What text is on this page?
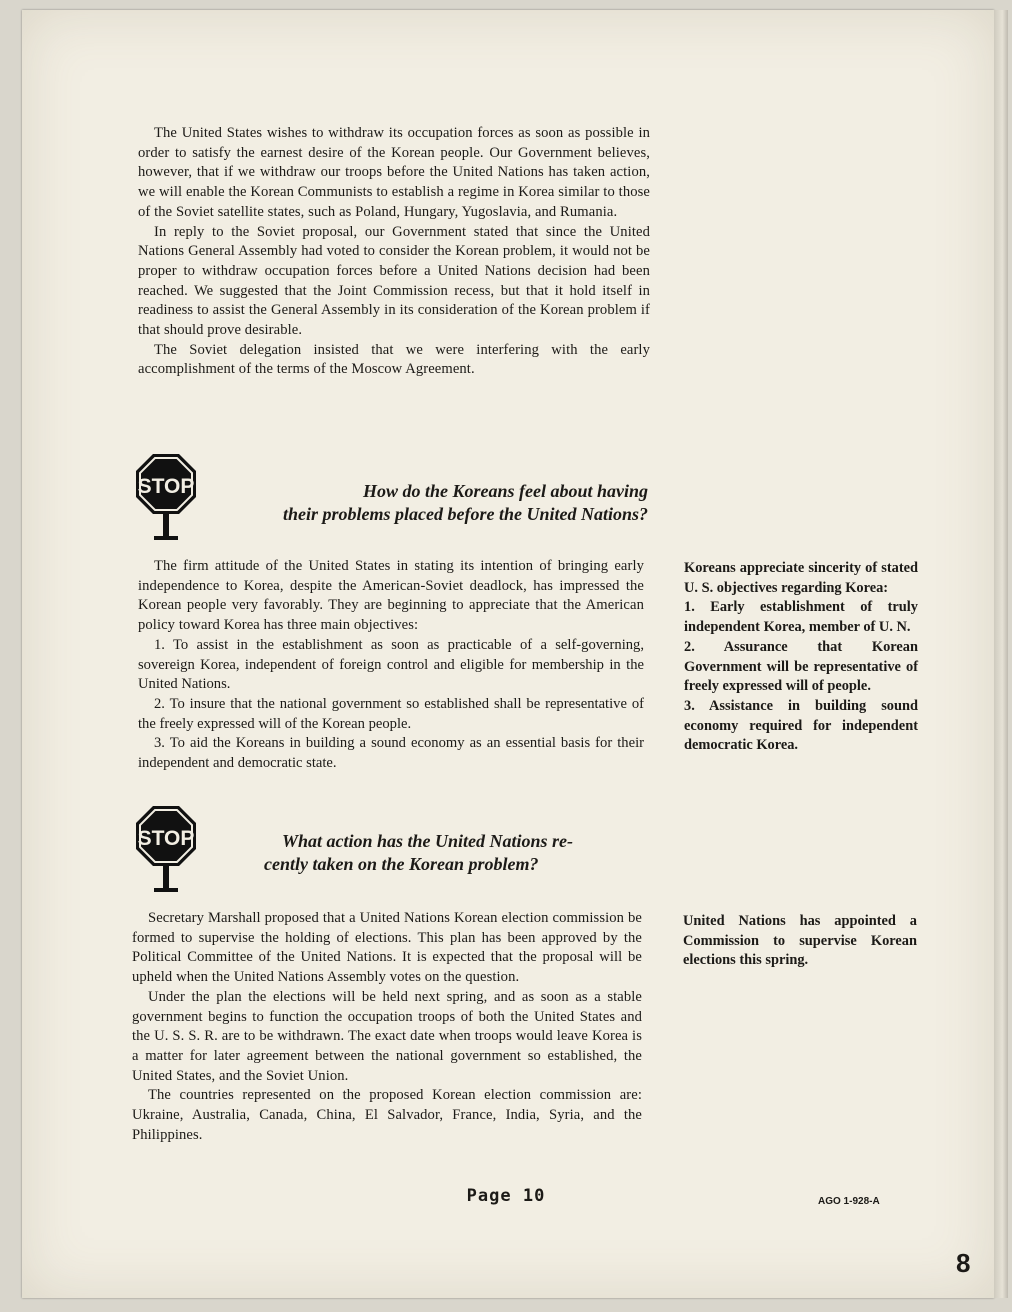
The United States wishes to withdraw its occupation forces as soon as possible in order to satisfy the earnest desire of the Korean people. Our Government believes, however, that if we withdraw our troops before the United Nations has taken action, we will enable the Korean Communists to establish a regime in Korea similar to those of the Soviet satellite states, such as Poland, Hungary, Yugoslavia, and Rumania.

In reply to the Soviet proposal, our Government stated that since the United Nations General Assembly had voted to consider the Korean problem, it would not be proper to withdraw occupation forces before a United Nations decision had been reached. We suggested that the Joint Commission recess, but that it hold itself in readiness to assist the General Assembly in its consideration of the Korean problem if that should prove desirable.

The Soviet delegation insisted that we were interfering with the early accomplishment of the terms of the Moscow Agreement.

STOP	How do the Koreans feel about having
their problems placed before the United Nations?

The firm attitude of the United States in stating its intention of bringing early independence to Korea, despite the American-Soviet deadlock, has impressed the Korean people very favorably. They are beginning to appreciate that the American policy toward Korea has three main objectives:

1. To assist in the establishment as soon as practicable of a self-governing, sovereign Korea, independent of foreign control and eligible for membership in the United Nations.

2. To insure that the national government so established shall be representative of the freely expressed will of the Korean people.

3. To aid the Koreans in building a sound economy as an essential basis for their independent and democratic state.

Koreans appreciate sincerity of stated U. S. objectives regarding Korea:

1. Early establishment of truly independent Korea, member of U. N.

2. Assurance that Korean Government will be representative of freely expressed will of people.

3. Assistance in building sound economy required for independent democratic Korea.

STOP	What action has the United Nations re-
cently taken on the Korean problem?

Secretary Marshall proposed that a United Nations Korean election commission be formed to supervise the holding of elections. This plan has been approved by the Political Committee of the United Nations. It is expected that the proposal will be upheld when the United Nations Assembly votes on the question.

Under the plan the elections will be held next spring, and as soon as a stable government begins to function the occupation troops of both the United States and the U. S. S. R. are to be withdrawn. The exact date when troops would leave Korea is a matter for later agreement between the national government so established, the United States, and the Soviet Union.

The countries represented on the proposed Korean election commission are: Ukraine, Australia, Canada, China, El Salvador, France, India, Syria, and the Philippines.

United Nations has appointed a Commission to supervise Korean elections this spring.

Page 10	AGO 1-928-A
8
